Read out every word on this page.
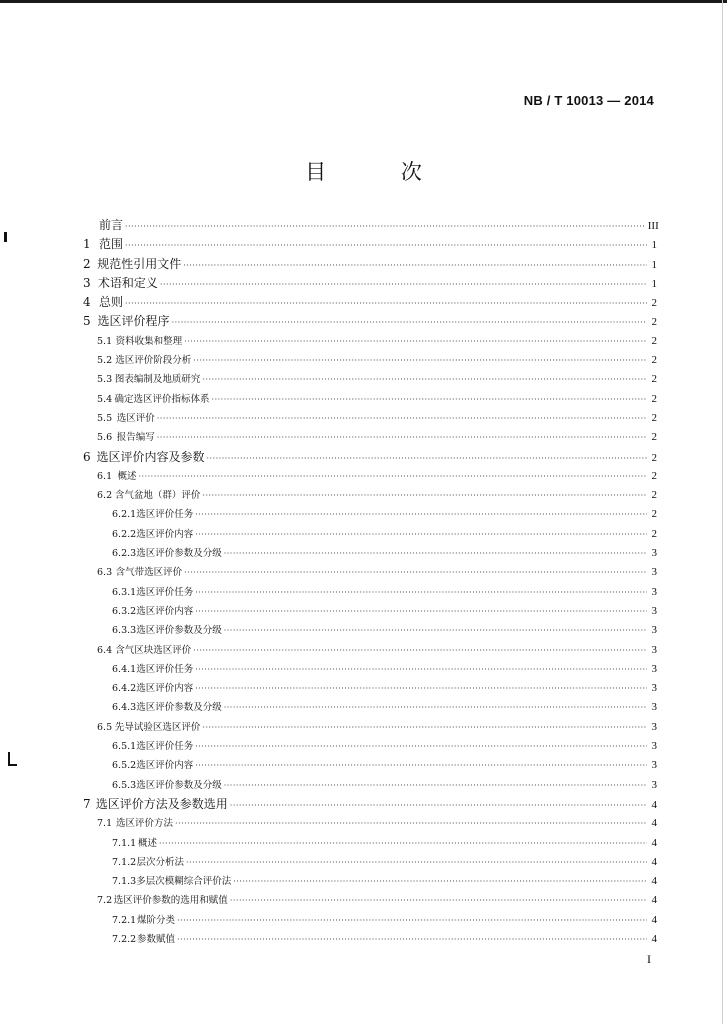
NB / T 10013 — 2014
目 次
前言 ·····	III
1 范围 ·····	1
2 规范性引用文件 ·····	1
3 术语和定义 ·····	1
4 总则 ·····	2
5 选区评价程序 ·····	2
5.1 资料收集和整理 ·····	2
5.2 选区评价阶段分析 ·····	2
5.3 图表编制及地质研究 ·····	2
5.4 确定选区评价指标体系 ·····	2
5.5 选区评价 ·····	2
5.6 报告编写 ·····	2
6 选区评价内容及参数 ·····	2
6.1 概述 ·····	2
6.2 含气盆地（群）评价 ·····	2
6.2.1 选区评价任务 ·····	2
6.2.2 选区评价内容 ·····	2
6.2.3 选区评价参数及分级 ·····	3
6.3 含气带选区评价 ·····	3
6.3.1 选区评价任务 ·····	3
6.3.2 选区评价内容 ·····	3
6.3.3 选区评价参数及分级 ·····	3
6.4 含气区块选区评价 ·····	3
6.4.1 选区评价任务 ·····	3
6.4.2 选区评价内容 ·····	3
6.4.3 选区评价参数及分级 ·····	3
6.5 先导试验区选区评价 ·····	3
6.5.1 选区评价任务 ·····	3
6.5.2 选区评价内容 ·····	3
6.5.3 选区评价参数及分级 ·····	3
7 选区评价方法及参数选用 ·····	4
7.1 选区评价方法 ·····	4
7.1.1 概述 ·····	4
7.1.2 层次分析法 ·····	4
7.1.3 多层次模糊综合评价法 ·····	4
7.2 选区评价参数的选用和赋值 ·····	4
7.2.1 煤阶分类 ·····	4
7.2.2 参数赋值 ·····	4
I
